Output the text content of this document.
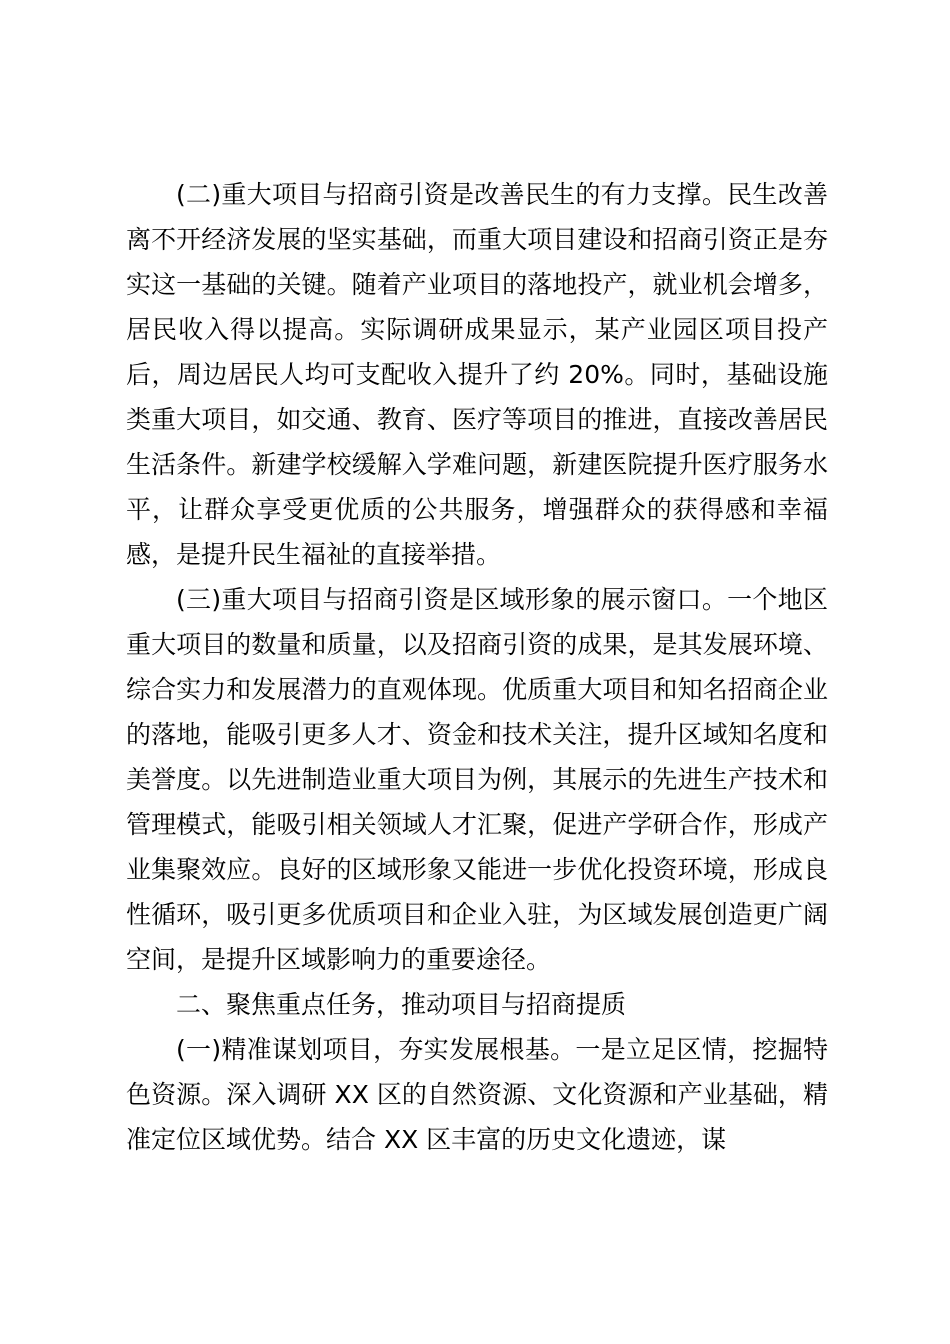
(二)重大项目与招商引资是改善民生的有力支撑。民生改善离不开经济发展的坚实基础，而重大项目建设和招商引资正是夯实这一基础的关键。随着产业项目的落地投产，就业机会增多，居民收入得以提高。实际调研成果显示，某产业园区项目投产后，周边居民人均可支配收入提升了约 20%。同时，基础设施类重大项目，如交通、教育、医疗等项目的推进，直接改善居民生活条件。新建学校缓解入学难问题，新建医院提升医疗服务水平，让群众享受更优质的公共服务，增强群众的获得感和幸福感，是提升民生福祉的直接举措。

(三)重大项目与招商引资是区域形象的展示窗口。一个地区重大项目的数量和质量，以及招商引资的成果，是其发展环境、综合实力和发展潜力的直观体现。优质重大项目和知名招商企业的落地，能吸引更多人才、资金和技术关注，提升区域知名度和美誉度。以先进制造业重大项目为例，其展示的先进生产技术和管理模式，能吸引相关领域人才汇聚，促进产学研合作，形成产业集聚效应。良好的区域形象又能进一步优化投资环境，形成良性循环，吸引更多优质项目和企业入驻，为区域发展创造更广阔空间，是提升区域影响力的重要途径。

二、聚焦重点任务，推动项目与招商提质

(一)精准谋划项目，夯实发展根基。一是立足区情，挖掘特色资源。深入调研 XX 区的自然资源、文化资源和产业基础，精准定位区域优势。结合 XX 区丰富的历史文化遗迹，谋
